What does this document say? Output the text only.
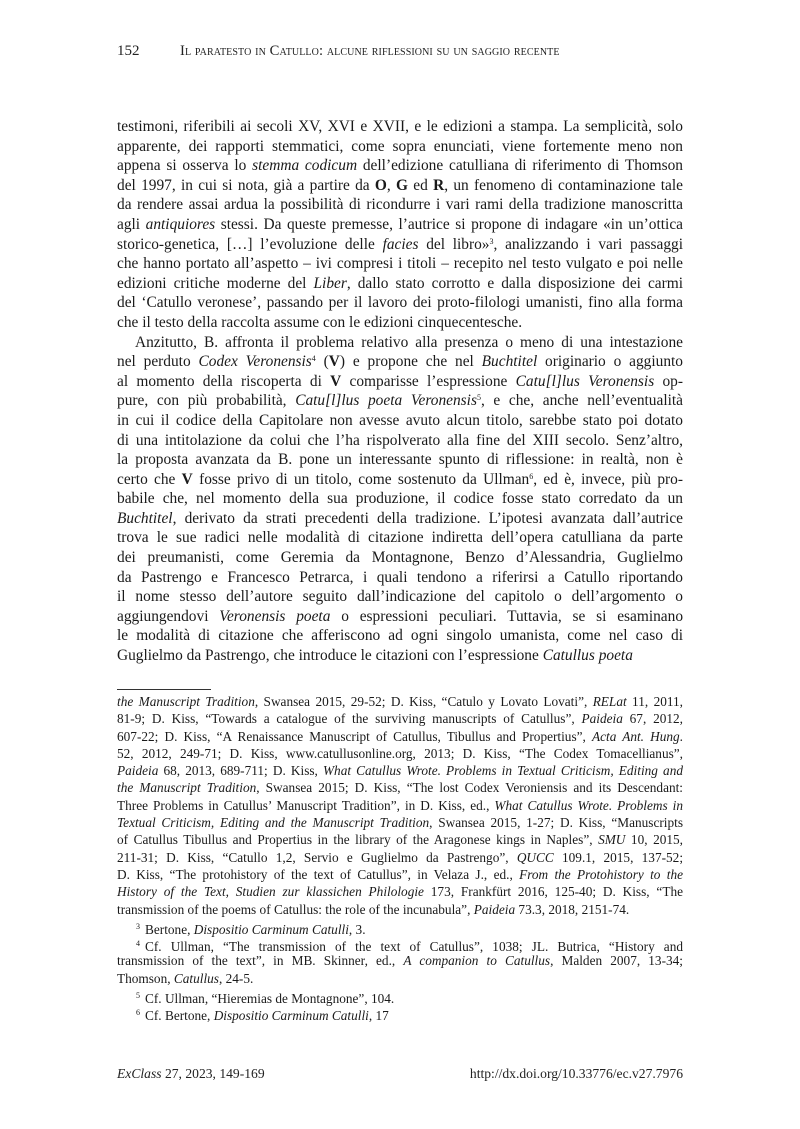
152	Il paratesto in Catullo: alcune riflessioni su un saggio recente
testimoni, riferibili ai secoli XV, XVI e XVII, e le edizioni a stampa. La semplicità, solo
apparente, dei rapporti stemmatici, come sopra enunciati, viene fortemente meno non
appena si osserva lo stemma codicum dell’edizione catulliana di riferimento di Thomson
del 1997, in cui si nota, già a partire da O, G ed R, un fenomeno di contaminazione tale
da rendere assai ardua la possibilità di ricondurre i vari rami della tradizione manoscritta
agli antiquiores stessi. Da queste premesse, l’autrice si propone di indagare «in un’ottica
storico-genetica, […] l’evoluzione delle facies del libro»$^3$, analizzando i vari passaggi
che hanno portato all’aspetto – ivi compresi i titoli – recepito nel testo vulgato e poi nelle
edizioni critiche moderne del Liber, dallo stato corrotto e dalla disposizione dei carmi
del ‘Catullo veronese’, passando per il lavoro dei proto-filologi umanisti, fino alla forma
che il testo della raccolta assume con le edizioni cinquecentesche.
Anzitutto, B. affronta il problema relativo alla presenza o meno di una intestazione
nel perduto Codex Veronensis$^4$ (V) e propone che nel Buchtitel originario o aggiunto
al momento della riscoperta di V comparisse l’espressione Catu[l]lus Veronensis op-
pure, con più probabilità, Catu[l]lus poeta Veronensis$^5$, e che, anche nell’eventualità
in cui il codice della Capitolare non avesse avuto alcun titolo, sarebbe stato poi dotato
di una intitolazione da colui che l’ha rispolverato alla fine del XIII secolo. Senz’altro,
la proposta avanzata da B. pone un interessante spunto di riflessione: in realtà, non è
certo che V fosse privo di un titolo, come sostenuto da Ullman$^6$, ed è, invece, più pro-
babile che, nel momento della sua produzione, il codice fosse stato corredato da un
Buchtitel, derivato da strati precedenti della tradizione. L’ipotesi avanzata dall’autrice
trova le sue radici nelle modalità di citazione indiretta dell’opera catulliana da parte
dei preumanisti, come Geremia da Montagnone, Benzo d’Alessandria, Guglielmo
da Pastrengo e Francesco Petrarca, i quali tendono a riferirsi a Catullo riportando
il nome stesso dell’autore seguito dall’indicazione del capitolo o dell’argomento o
aggiungendovi Veronensis poeta o espressioni peculiari. Tuttavia, se si esaminano
le modalità di citazione che afferiscono ad ogni singolo umanista, come nel caso di
Guglielmo da Pastrengo, che introduce le citazioni con l’espressione Catullus poeta
the Manuscript Tradition, Swansea 2015, 29-52; D. Kiss, “Catulo y Lovato Lovati”, RELat 11, 2011,
81-9; D. Kiss, “Towards a catalogue of the surviving manuscripts of Catullus”, Paideia 67, 2012,
607-22; D. Kiss, “A Renaissance Manuscript of Catullus, Tibullus and Propertius”, Acta Ant. Hung.
52, 2012, 249-71; D. Kiss, www.catullusonline.org, 2013; D. Kiss, “The Codex Tomacellianus”,
Paideia 68, 2013, 689-711; D. Kiss, What Catullus Wrote. Problems in Textual Criticism, Editing and
the Manuscript Tradition, Swansea 2015; D. Kiss, “The lost Codex Veroniensis and its Descendant:
Three Problems in Catullus’ Manuscript Tradition”, in D. Kiss, ed., What Catullus Wrote. Problems in
Textual Criticism, Editing and the Manuscript Tradition, Swansea 2015, 1-27; D. Kiss, “Manuscripts
of Catullus Tibullus and Propertius in the library of the Aragonese kings in Naples”, SMU 10, 2015,
211-31; D. Kiss, “Catullo 1,2, Servio e Guglielmo da Pastrengo”, QUCC 109.1, 2015, 137-52;
D. Kiss, “The protohistory of the text of Catullus”, in Velaza J., ed., From the Protohistory to the
History of the Text, Studien zur klassichen Philologie 173, Frankfürt 2016, 125-40; D. Kiss, “The
transmission of the poems of Catullus: the role of the incunabula”, Paideia 73.3, 2018, 2151-74.
$^3$ Bertone, Dispositio Carminum Catulli, 3.
$^4$ Cf. Ullman, “The transmission of the text of Catullus”, 1038; JL. Butrica, “History and
transmission of the text”, in MB. Skinner, ed., A companion to Catullus, Malden 2007, 13-34;
Thomson, Catullus, 24-5.
$^5$ Cf. Ullman, “Hieremias de Montagnone”, 104.
$^6$ Cf. Bertone, Dispositio Carminum Catulli, 17
ExClass 27, 2023, 149-169	http://dx.doi.org/10.33776/ec.v27.7976
